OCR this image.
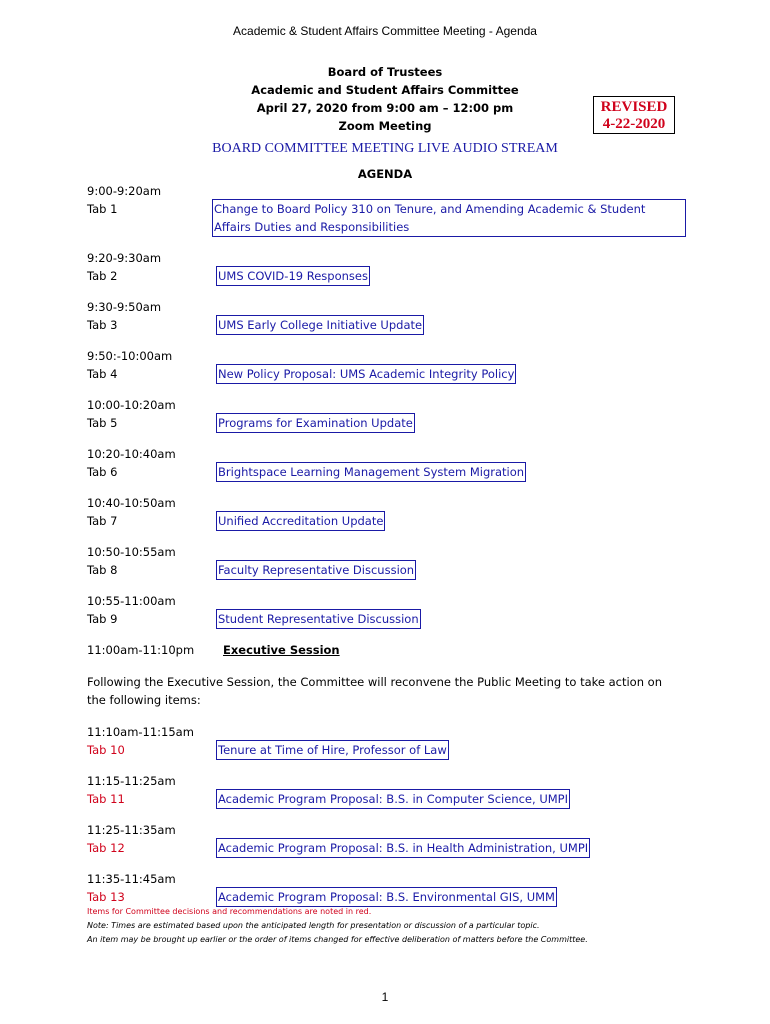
Academic & Student Affairs Committee Meeting - Agenda
Board of Trustees
Academic and Student Affairs Committee
April 27, 2020 from 9:00 am – 12:00 pm
Zoom Meeting
REVISED
4-22-2020
BOARD COMMITTEE MEETING LIVE AUDIO STREAM
AGENDA
9:00-9:20am
Tab 1	Change to Board Policy 310 on Tenure, and Amending Academic & Student Affairs Duties and Responsibilities
9:20-9:30am
Tab 2	UMS COVID-19 Responses
9:30-9:50am
Tab 3	UMS Early College Initiative Update
9:50:-10:00am
Tab 4	New Policy Proposal: UMS Academic Integrity Policy
10:00-10:20am
Tab 5	Programs for Examination Update
10:20-10:40am
Tab 6	Brightspace Learning Management System Migration
10:40-10:50am
Tab 7	Unified Accreditation Update
10:50-10:55am
Tab 8	Faculty Representative Discussion
10:55-11:00am
Tab 9	Student Representative Discussion
11:00am-11:10pm	Executive Session
Following the Executive Session, the Committee will reconvene the Public Meeting to take action on the following items:
11:10am-11:15am
Tab 10	Tenure at Time of Hire, Professor of Law
11:15-11:25am
Tab 11	Academic Program Proposal: B.S. in Computer Science, UMPI
11:25-11:35am
Tab 12	Academic Program Proposal: B.S. in Health Administration, UMPI
11:35-11:45am
Tab 13	Academic Program Proposal: B.S. Environmental GIS, UMM
Items for Committee decisions and recommendations are noted in red.
Note: Times are estimated based upon the anticipated length for presentation or discussion of a particular topic.
An item may be brought up earlier or the order of items changed for effective deliberation of matters before the Committee.
1
